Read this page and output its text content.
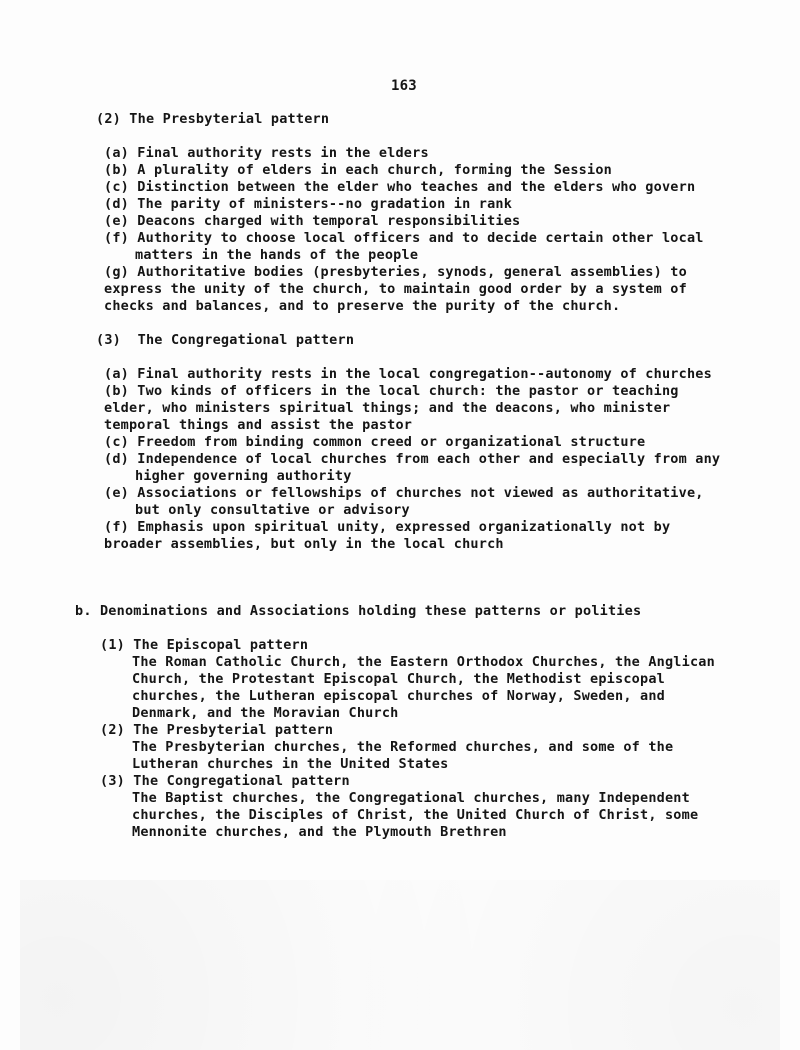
163
(2) The Presbyterial pattern
(a) Final authority rests in the elders
(b) A plurality of elders in each church, forming the Session
(c) Distinction between the elder who teaches and the elders who govern
(d) The parity of ministers--no gradation in rank
(e) Deacons charged with temporal responsibilities
(f) Authority to choose local officers and to decide certain other local
matters in the hands of the people
(g) Authoritative bodies (presbyteries, synods, general assemblies) to
express the unity of the church, to maintain good order by a system of
checks and balances, and to preserve the purity of the church.
(3)  The Congregational pattern
(a) Final authority rests in the local congregation--autonomy of churches
(b) Two kinds of officers in the local church: the pastor or teaching
elder, who ministers spiritual things; and the deacons, who minister
temporal things and assist the pastor
(c) Freedom from binding common creed or organizational structure
(d) Independence of local churches from each other and especially from any
higher governing authority
(e) Associations or fellowships of churches not viewed as authoritative,
but only consultative or advisory
(f) Emphasis upon spiritual unity, expressed organizationally not by
broader assemblies, but only in the local church
b. Denominations and Associations holding these patterns or polities
(1) The Episcopal pattern
The Roman Catholic Church, the Eastern Orthodox Churches, the Anglican
Church, the Protestant Episcopal Church, the Methodist episcopal
churches, the Lutheran episcopal churches of Norway, Sweden, and
Denmark, and the Moravian Church
(2) The Presbyterial pattern
The Presbyterian churches, the Reformed churches, and some of the
Lutheran churches in the United States
(3) The Congregational pattern
The Baptist churches, the Congregational churches, many Independent
churches, the Disciples of Christ, the United Church of Christ, some
Mennonite churches, and the Plymouth Brethren
